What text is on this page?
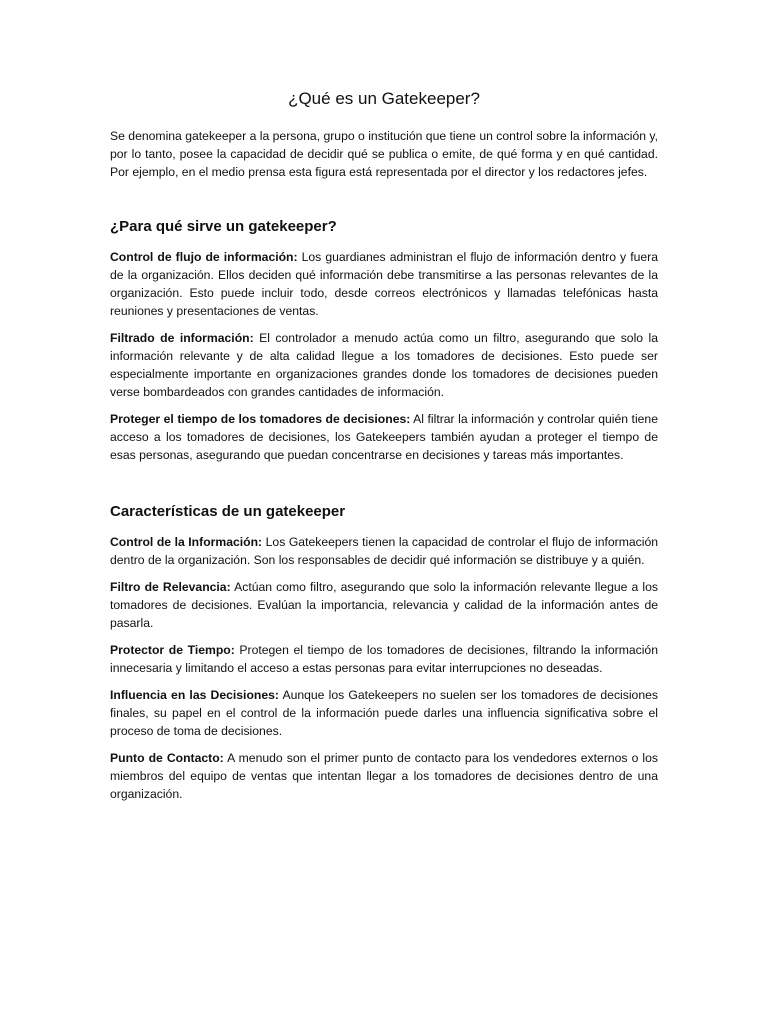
¿Qué es un Gatekeeper?

Se denomina gatekeeper a la persona, grupo o institución que tiene un control sobre la información y, por lo tanto, posee la capacidad de decidir qué se publica o emite, de qué forma y en qué cantidad. Por ejemplo, en el medio prensa esta figura está representada por el director y los redactores jefes.

¿Para qué sirve un gatekeeper?

Control de flujo de información: Los guardianes administran el flujo de información dentro y fuera de la organización. Ellos deciden qué información debe transmitirse a las personas relevantes de la organización. Esto puede incluir todo, desde correos electrónicos y llamadas telefónicas hasta reuniones y presentaciones de ventas.

Filtrado de información: El controlador a menudo actúa como un filtro, asegurando que solo la información relevante y de alta calidad llegue a los tomadores de decisiones. Esto puede ser especialmente importante en organizaciones grandes donde los tomadores de decisiones pueden verse bombardeados con grandes cantidades de información.

Proteger el tiempo de los tomadores de decisiones: Al filtrar la información y controlar quién tiene acceso a los tomadores de decisiones, los Gatekeepers también ayudan a proteger el tiempo de esas personas, asegurando que puedan concentrarse en decisiones y tareas más importantes.

Características de un gatekeeper

Control de la Información: Los Gatekeepers tienen la capacidad de controlar el flujo de información dentro de la organización. Son los responsables de decidir qué información se distribuye y a quién.

Filtro de Relevancia: Actúan como filtro, asegurando que solo la información relevante llegue a los tomadores de decisiones. Evalúan la importancia, relevancia y calidad de la información antes de pasarla.

Protector de Tiempo: Protegen el tiempo de los tomadores de decisiones, filtrando la información innecesaria y limitando el acceso a estas personas para evitar interrupciones no deseadas.

Influencia en las Decisiones: Aunque los Gatekeepers no suelen ser los tomadores de decisiones finales, su papel en el control de la información puede darles una influencia significativa sobre el proceso de toma de decisiones.

Punto de Contacto: A menudo son el primer punto de contacto para los vendedores externos o los miembros del equipo de ventas que intentan llegar a los tomadores de decisiones dentro de una organización.
